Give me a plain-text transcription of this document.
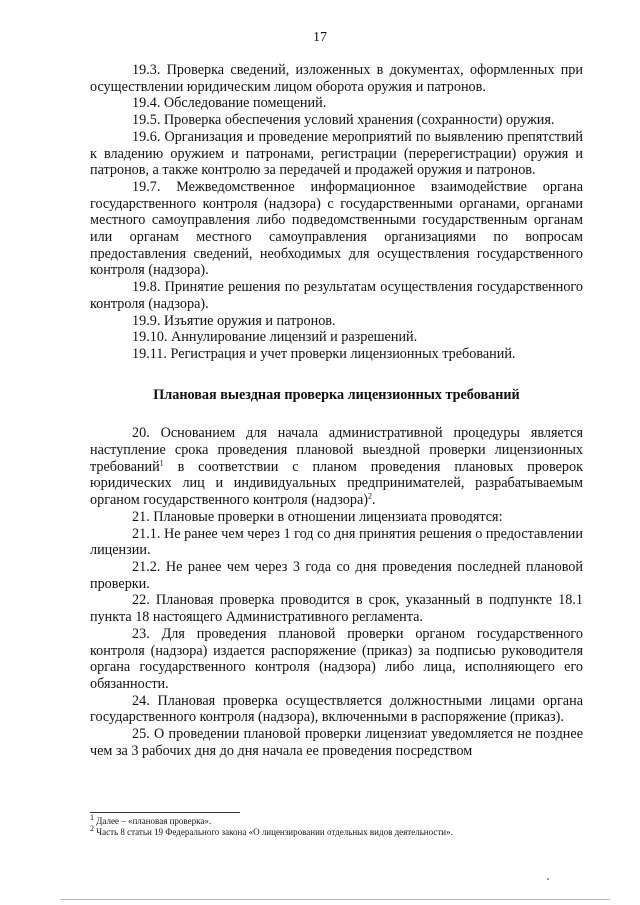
17

19.3. Проверка сведений, изложенных в документах, оформленных при осуществлении юридическим лицом оборота оружия и патронов.

19.4. Обследование помещений.

19.5. Проверка обеспечения условий хранения (сохранности) оружия.

19.6. Организация и проведение мероприятий по выявлению препятствий к владению оружием и патронами, регистрации (перерегистрации) оружия и патронов, а также контролю за передачей и продажей оружия и патронов.

19.7. Межведомственное информационное взаимодействие органа государственного контроля (надзора) с государственными органами, органами местного самоуправления либо подведомственными государственным органам или органам местного самоуправления организациями по вопросам предоставления сведений, необходимых для осуществления государственного контроля (надзора).

19.8. Принятие решения по результатам осуществления государственного контроля (надзора).

19.9. Изъятие оружия и патронов.

19.10. Аннулирование лицензий и разрешений.

19.11. Регистрация и учет проверки лицензионных требований.

Плановая выездная проверка лицензионных требований

20. Основанием для начала административной процедуры является наступление срока проведения плановой выездной проверки лицензионных требований$^1$ в соответствии с планом проведения плановых проверок юридических лиц и индивидуальных предпринимателей, разрабатываемым органом государственного контроля (надзора)$^2$.

21. Плановые проверки в отношении лицензиата проводятся:

21.1. Не ранее чем через 1 год со дня принятия решения о предоставлении лицензии.

21.2. Не ранее чем через 3 года со дня проведения последней плановой проверки.

22. Плановая проверка проводится в срок, указанный в подпункте 18.1 пункта 18 настоящего Административного регламента.

23. Для проведения плановой проверки органом государственного контроля (надзора) издается распоряжение (приказ) за подписью руководителя органа государственного контроля (надзора) либо лица, исполняющего его обязанности.

24. Плановая проверка осуществляется должностными лицами органа государственного контроля (надзора), включенными в распоряжение (приказ).

25. О проведении плановой проверки лицензиат уведомляется не позднее чем за 3 рабочих дня до дня начала ее проведения посредством

$^1$ Далее – «плановая проверка».

$^2$ Часть 8 статьи 19 Федерального закона «О лицензировании отдельных видов деятельности».
